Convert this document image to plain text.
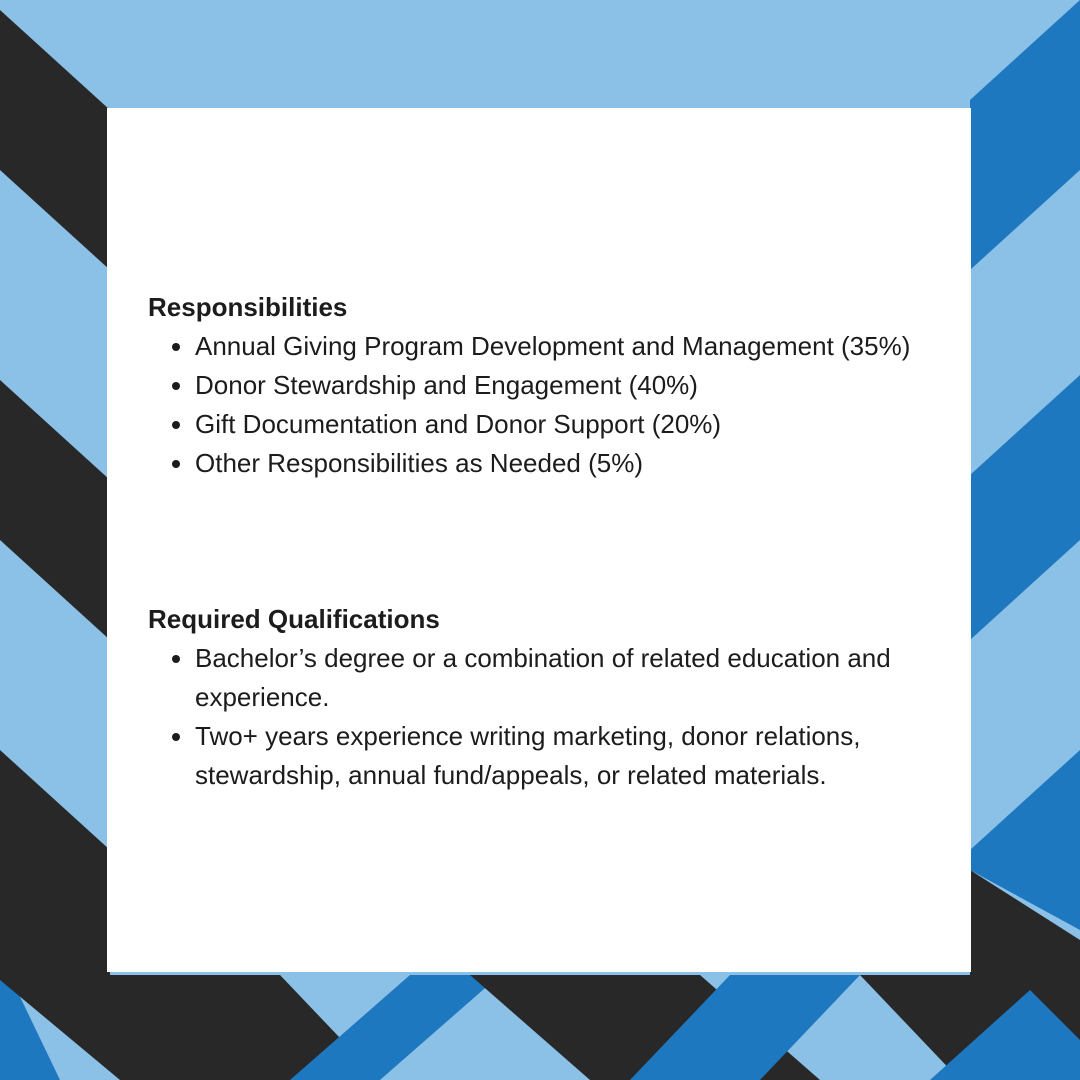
Responsibilities
Annual Giving Program Development and Management (35%)
Donor Stewardship and Engagement (40%)
Gift Documentation and Donor Support (20%)
Other Responsibilities as Needed (5%)
Required Qualifications
Bachelor’s degree or a combination of related education and experience.
Two+ years experience writing marketing, donor relations, stewardship, annual fund/appeals, or related materials.
